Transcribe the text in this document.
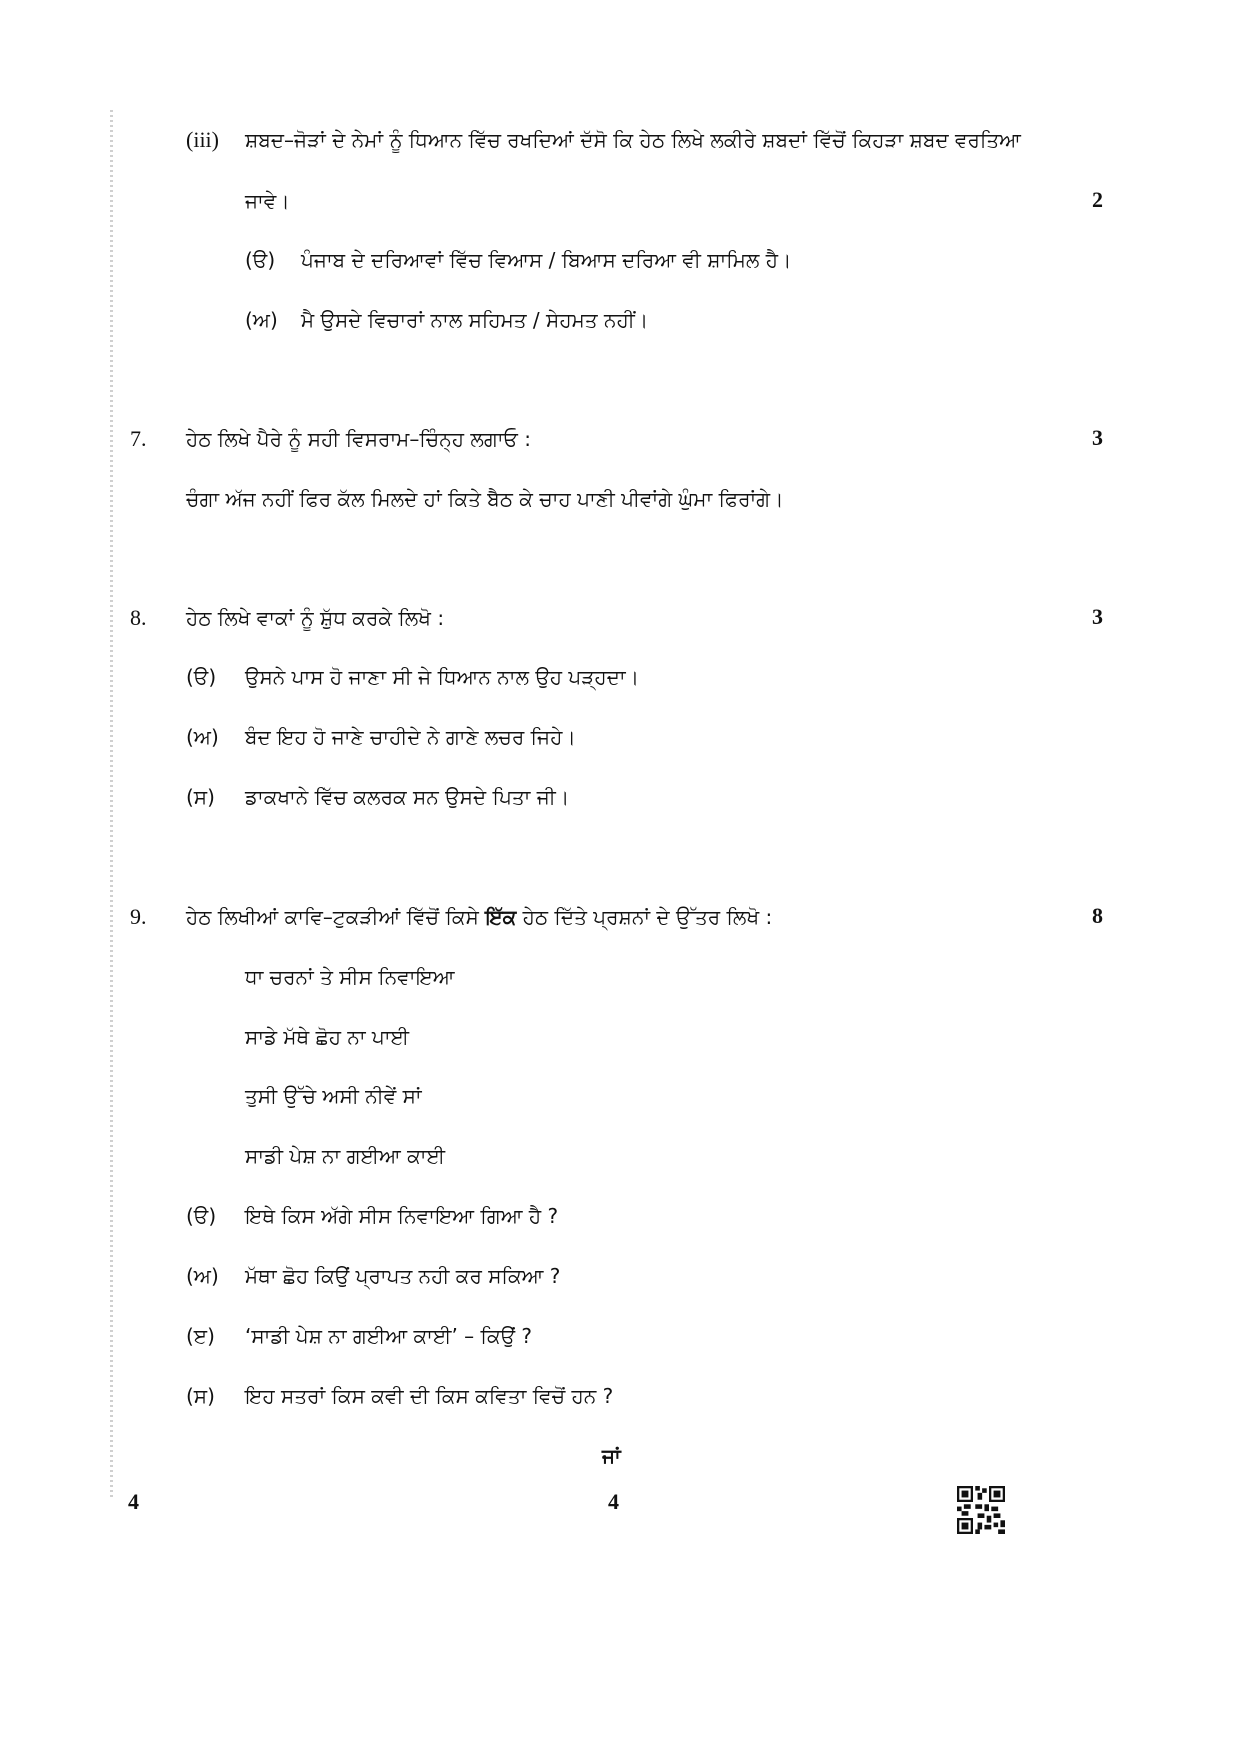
(iii) ਸ਼ਬਦ–ਜੋੜਾਂ ਦੇ ਨੇਮਾਂ ਨੂੰ ਧਿਆਨ ਵਿੱਚ ਰਖਦਿਆਂ ਦੱਸੋ ਕਿ ਹੇਠ ਲਿਖੇ ਲਕੀਰੇ ਸ਼ਬਦਾਂ ਵਿੱਚੋਂ ਕਿਹੜਾ ਸ਼ਬਦ ਵਰਤਿਆ
ਜਾਵੇ।	2
(ੳ) ਪੰਜਾਬ ਦੇ ਦਰਿਆਵਾਂ ਵਿੱਚ ਵਿਆਸ / ਬਿਆਸ ਦਰਿਆ ਵੀ ਸ਼ਾਮਿਲ ਹੈ।
(ਅ) ਮੈ ਉਸਦੇ ਵਿਚਾਰਾਂ ਨਾਲ ਸਹਿਮਤ / ਸੇਹਮਤ ਨਹੀਂ।
7. ਹੇਠ ਲਿਖੇ ਪੈਰੇ ਨੂੰ ਸਹੀ ਵਿਸਰਾਮ–ਚਿੰਨ੍ਹ ਲਗਾਓ :	3
ਚੰਗਾ ਅੱਜ ਨਹੀਂ ਫਿਰ ਕੱਲ ਮਿਲਦੇ ਹਾਂ ਕਿਤੇ ਬੈਠ ਕੇ ਚਾਹ ਪਾਣੀ ਪੀਵਾਂਗੇ ਘੁੰਮਾ ਫਿਰਾਂਗੇ।
8. ਹੇਠ ਲਿਖੇ ਵਾਕਾਂ ਨੂੰ ਸ਼ੁੱਧ ਕਰਕੇ ਲਿਖੋ :	3
(ੳ) ਉਸਨੇ ਪਾਸ ਹੋ ਜਾਣਾ ਸੀ ਜੇ ਧਿਆਨ ਨਾਲ ਉਹ ਪੜ੍ਹਦਾ।
(ਅ) ਬੰਦ ਇਹ ਹੋ ਜਾਣੇ ਚਾਹੀਦੇ ਨੇ ਗਾਣੇ ਲਚਰ ਜਿਹੇ।
(ਸ) ਡਾਕਖਾਨੇ ਵਿੱਚ ਕਲਰਕ ਸਨ ਉਸਦੇ ਪਿਤਾ ਜੀ।
9. ਹੇਠ ਲਿਖੀਆਂ ਕਾਵਿ–ਟੁਕੜੀਆਂ ਵਿੱਚੋਂ ਕਿਸੇ ਇੱਕ ਹੇਠ ਦਿੱਤੇ ਪ੍ਰਸ਼ਨਾਂ ਦੇ ਉੱਤਰ ਲਿਖੋ :	8
ਧਾ ਚਰਨਾਂ ਤੇ ਸੀਸ ਨਿਵਾਇਆ
ਸਾਡੇ ਮੱਥੇ ਛੋਹ ਨਾ ਪਾਈ
ਤੁਸੀ ਉੱਚੇ ਅਸੀ ਨੀਵੇਂ ਸਾਂ
ਸਾਡੀ ਪੇਸ਼ ਨਾ ਗਈਆ ਕਾਈ
(ੳ) ਇਥੇ ਕਿਸ ਅੱਗੇ ਸੀਸ ਨਿਵਾਇਆ ਗਿਆ ਹੈ ?
(ਅ) ਮੱਥਾ ਛੋਹ ਕਿਉਂ ਪ੍ਰਾਪਤ ਨਹੀ ਕਰ ਸਕਿਆ ?
(ੲ) ‘ਸਾਡੀ ਪੇਸ਼ ਨਾ ਗਈਆ ਕਾਈ’ – ਕਿਉਂ ?
(ਸ) ਇਹ ਸਤਰਾਂ ਕਿਸ ਕਵੀ ਦੀ ਕਿਸ ਕਵਿਤਾ ਵਿਚੋਂ ਹਨ ?
ਜਾਂ
4	4
